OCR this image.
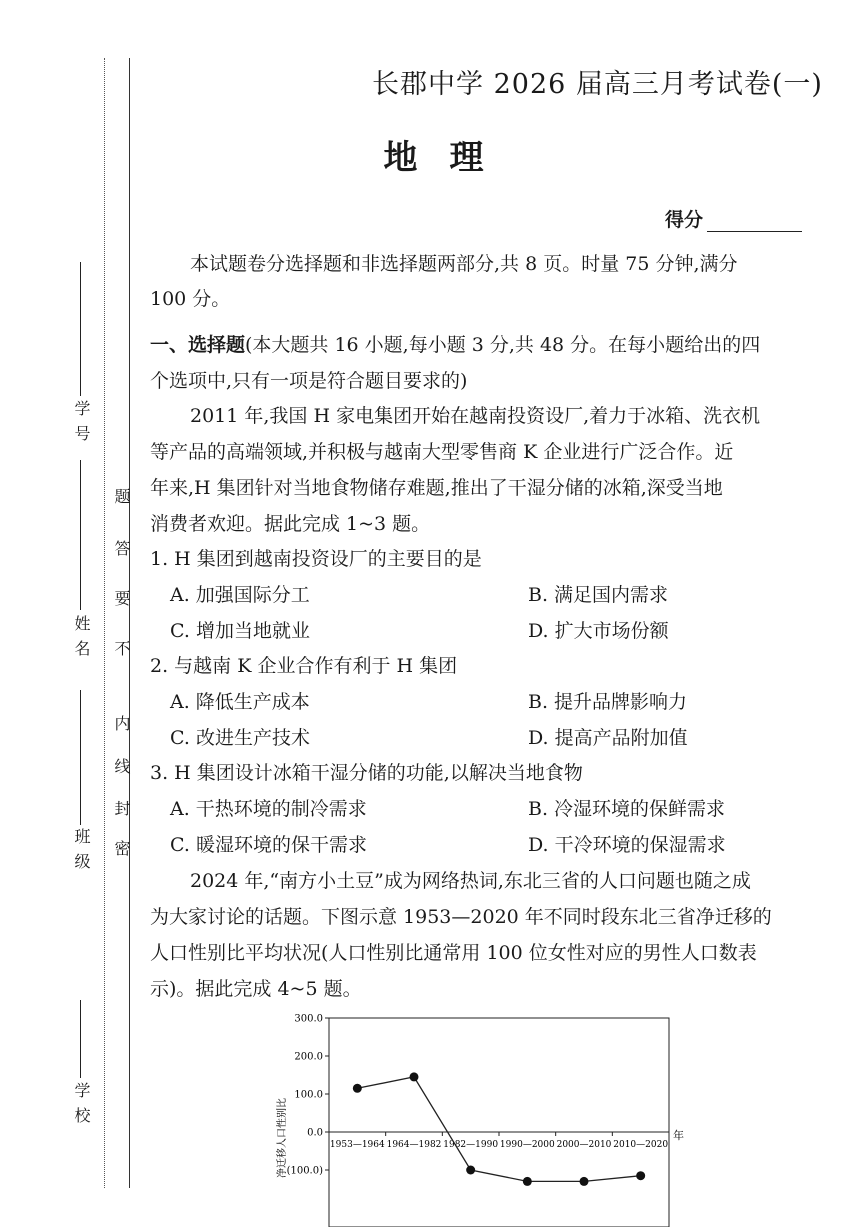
学 校
班 级
姓 名
学 号
密
封
线
内
不
要
答
题
长郡中学 2026 届高三月考试卷(一)
地理
得分
本试题卷分选择题和非选择题两部分,共 8 页。时量 75 分钟,满分
100 分。
一、选择题(本大题共 16 小题,每小题 3 分,共 48 分。在每小题给出的四
个选项中,只有一项是符合题目要求的)
2011 年,我国 H 家电集团开始在越南投资设厂,着力于冰箱、洗衣机
等产品的高端领域,并积极与越南大型零售商 K 企业进行广泛合作。近
年来,H 集团针对当地食物储存难题,推出了干湿分储的冰箱,深受当地
消费者欢迎。据此完成 1~3 题。
1. H 集团到越南投资设厂的主要目的是
A. 加强国际分工	B. 满足国内需求
C. 增加当地就业	D. 扩大市场份额
2. 与越南 K 企业合作有利于 H 集团
A. 降低生产成本	B. 提升品牌影响力
C. 改进生产技术	D. 提高产品附加值
3. H 集团设计冰箱干湿分储的功能,以解决当地食物
A. 干热环境的制冷需求	B. 冷湿环境的保鲜需求
C. 暖湿环境的保干需求	D. 干冷环境的保湿需求
2024 年,“南方小土豆”成为网络热词,东北三省的人口问题也随之成
为大家讨论的话题。下图示意 1953—2020 年不同时段东北三省净迁移的
人口性别比平均状况(人口性别比通常用 100 位女性对应的男性人口数表
示)。据此完成 4~5 题。
300.0
200.0
100.0
0.0
(100.0)
1953—1964 1964—1982 1982—1990 1990—2000 2000—2010 2010—2020
净迁移人口性别比	年
